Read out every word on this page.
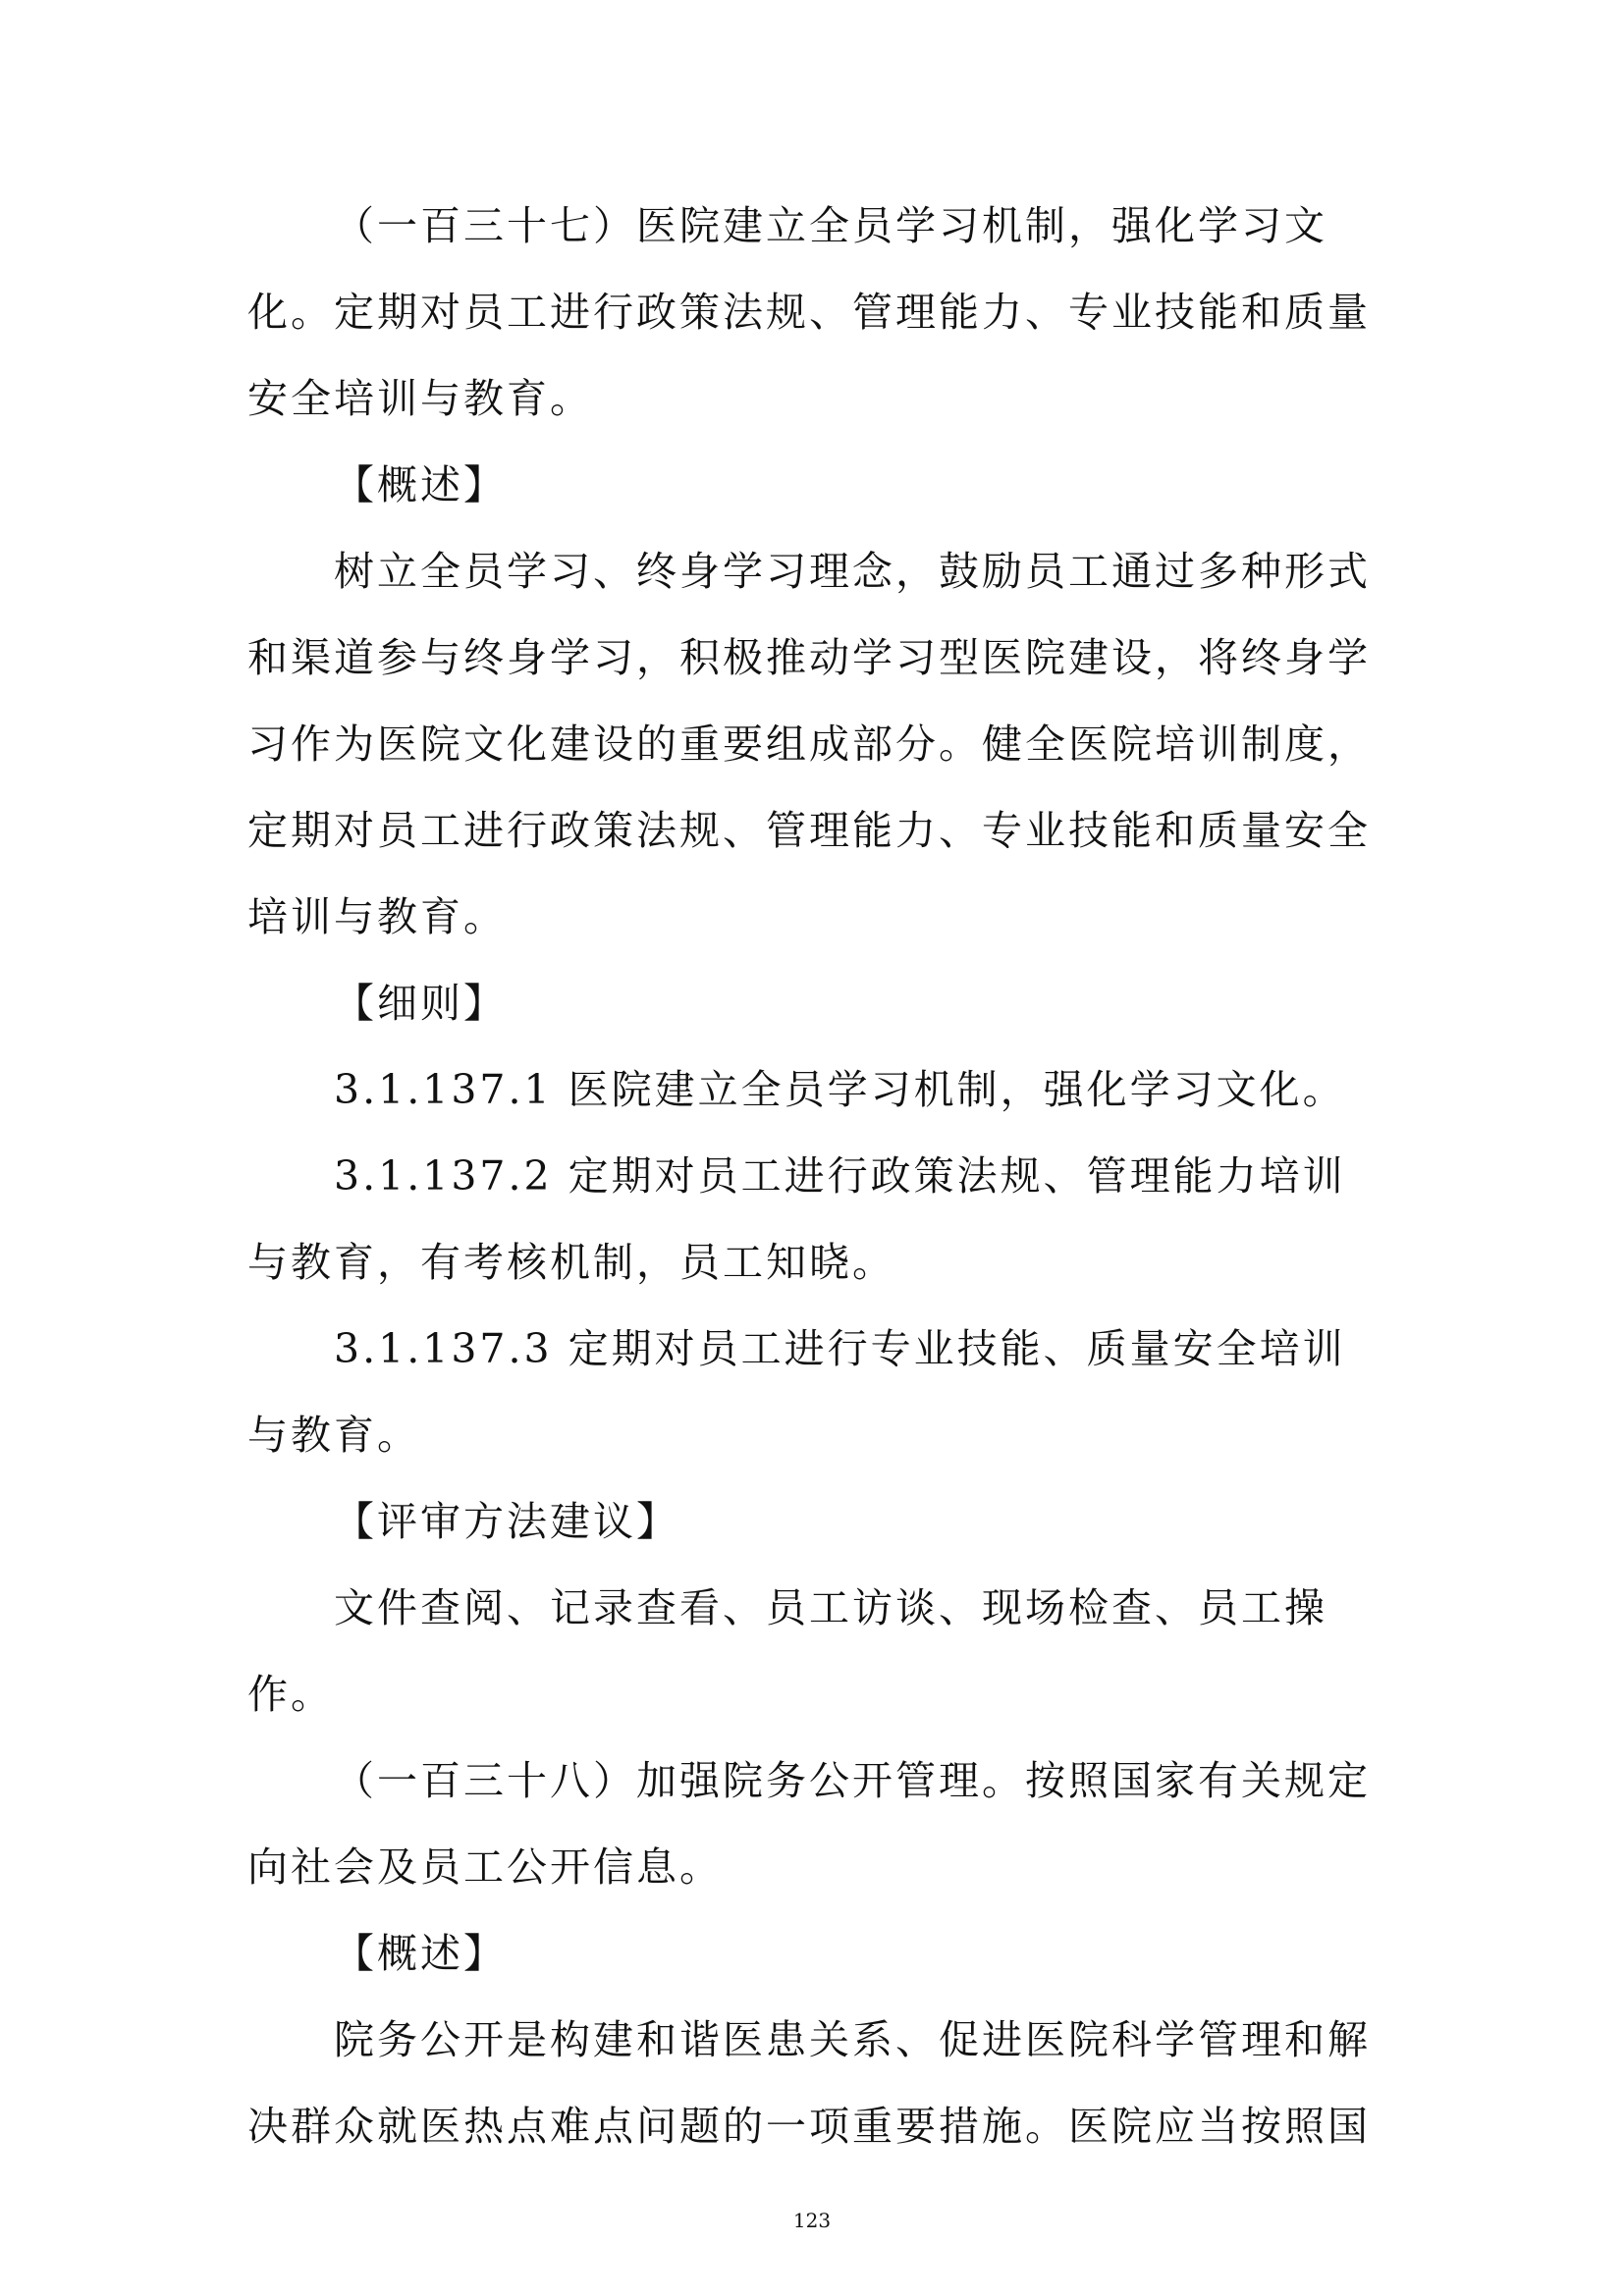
（一百三十七）医院建立全员学习机制，强化学习文化。定期对员工进行政策法规、管理能力、专业技能和质量安全培训与教育。

【概述】

树立全员学习、终身学习理念，鼓励员工通过多种形式和渠道参与终身学习，积极推动学习型医院建设，将终身学习作为医院文化建设的重要组成部分。健全医院培训制度，定期对员工进行政策法规、管理能力、专业技能和质量安全培训与教育。

【细则】

3.1.137.1 医院建立全员学习机制，强化学习文化。

3.1.137.2 定期对员工进行政策法规、管理能力培训与教育，有考核机制，员工知晓。

3.1.137.3 定期对员工进行专业技能、质量安全培训与教育。

【评审方法建议】

文件查阅、记录查看、员工访谈、现场检查、员工操作。

（一百三十八）加强院务公开管理。按照国家有关规定向社会及员工公开信息。

【概述】

院务公开是构建和谐医患关系、促进医院科学管理和解决群众就医热点难点问题的一项重要措施。医院应当按照国

123
